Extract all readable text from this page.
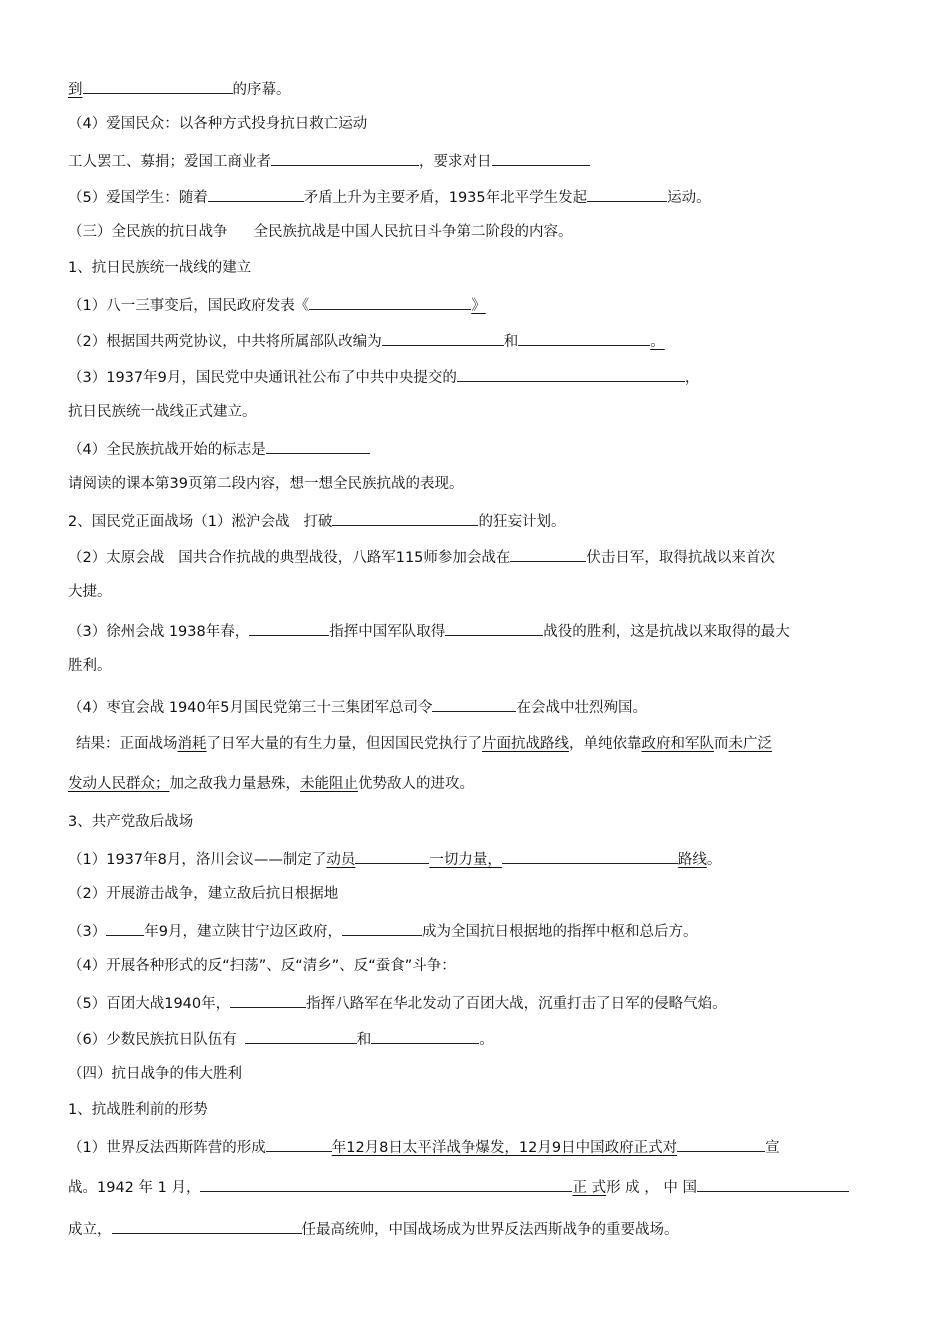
到	的序幕。
（4）爱国民众：以各种方式投身抗日救亡运动
工人罢工、募捐；爱国工商业者	，要求对日
（5）爱国学生：随着	矛盾上升为主要矛盾，1935年北平学生发起	运动。
（三）全民族的抗日战争 全民族抗战是中国人民抗日斗争第二阶段的内容。
1、抗日民族统一战线的建立
（1）八一三事变后，国民政府发表《	》
（2）根据国共两党协议，中共将所属部队改编为	和	。
（3）1937年9月，国民党中央通讯社公布了中共中央提交的	，
抗日民族统一战线正式建立。
（4）全民族抗战开始的标志是
请阅读的课本第39页第二段内容，想一想全民族抗战的表现。
2、国民党正面战场（1）淞沪会战 打破	的狂妄计划。
（2）太原会战 国共合作抗战的典型战役，八路军115师参加会战在	伏击日军，取得抗战以来首次
大捷。
（3）徐州会战 1938年春，	指挥中国军队取得	战役的胜利，这是抗战以来取得的最大
胜利。
（4）枣宜会战 1940年5月国民党第三十三集团军总司令	在会战中壮烈殉国。
结果：正面战场消耗了日军大量的有生力量，但因国民党执行了片面抗战路线，单纯依靠政府和军队而未广泛
发动人民群众；加之敌我力量悬殊，未能阻止优势敌人的进攻。
3、共产党敌后战场
（1）1937年8月，洛川会议——制定了动员	一切力量，	路线。
（2）开展游击战争，建立敌后抗日根据地
（3）	年9月，建立陕甘宁边区政府，	成为全国抗日根据地的指挥中枢和总后方。
（4）开展各种形式的反“扫荡”、反“清乡”、反“蚕食”斗争：
（5）百团大战1940年，	指挥八路军在华北发动了百团大战，沉重打击了日军的侵略气焰。
（6）少数民族抗日队伍有	和	。
（四）抗日战争的伟大胜利
1、抗战胜利前的形势
（1）世界反法西斯阵营的形成	年12月8日太平洋战争爆发，12月9日中国政府正式对	宣
战。1942 年 1 月，	正 式形 成 ， 中 国
成立，	任最高统帅，中国战场成为世界反法西斯战争的重要战场。
